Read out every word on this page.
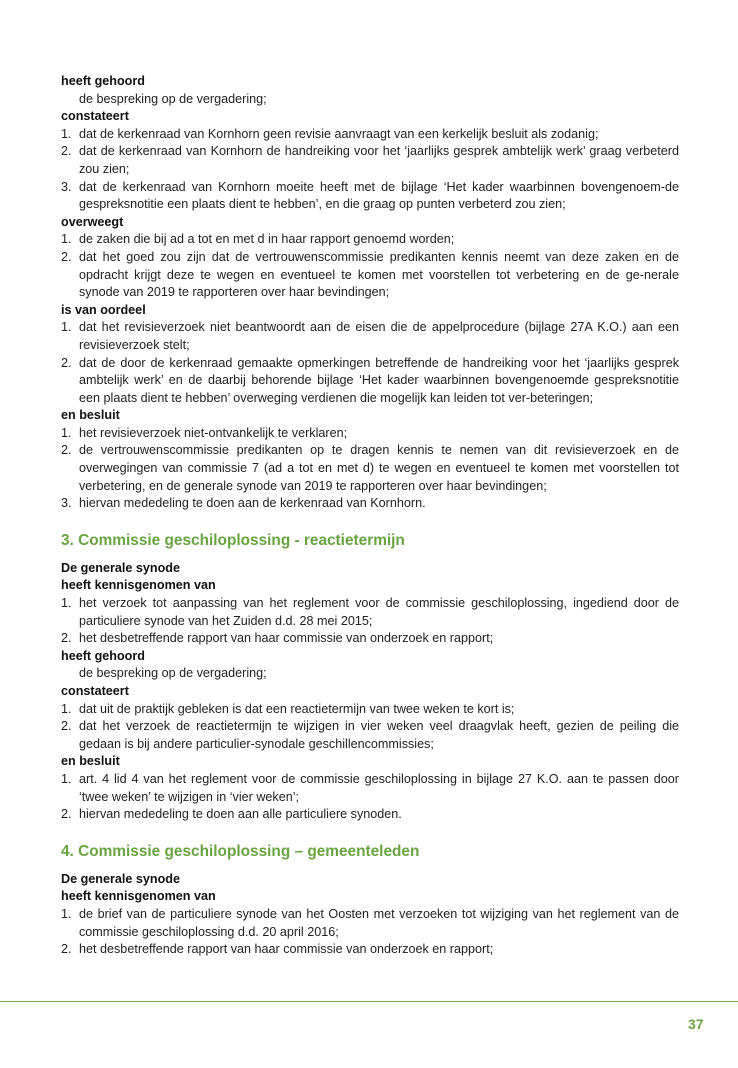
heeft gehoord
de bespreking op de vergadering;
constateert
1. dat de kerkenraad van Kornhorn geen revisie aanvraagt van een kerkelijk besluit als zodanig;
2. dat de kerkenraad van Kornhorn de handreiking voor het ‘jaarlijks gesprek ambtelijk werk’ graag verbeterd zou zien;
3. dat de kerkenraad van Kornhorn moeite heeft met de bijlage ‘Het kader waarbinnen bovengenoem-de gespreksnotitie een plaats dient te hebben’, en die graag op punten verbeterd zou zien;
overweegt
1. de zaken die bij ad a tot en met d in haar rapport genoemd worden;
2. dat het goed zou zijn dat de vertrouwenscommissie predikanten kennis neemt van deze zaken en de opdracht krijgt deze te wegen en eventueel te komen met voorstellen tot verbetering en de ge-nerale synode van 2019 te rapporteren over haar bevindingen;
is van oordeel
1. dat het revisieverzoek niet beantwoordt aan de eisen die de appelprocedure (bijlage 27A K.O.) aan een revisieverzoek stelt;
2. dat de door de kerkenraad gemaakte opmerkingen betreffende de handreiking voor het ‘jaarlijks gesprek ambtelijk werk’ en de daarbij behorende bijlage ‘Het kader waarbinnen bovengenoemde gespreksnotitie een plaats dient te hebben’ overweging verdienen die mogelijk kan leiden tot ver-beteringen;
en besluit
1. het revisieverzoek niet-ontvankelijk te verklaren;
2. de vertrouwenscommissie predikanten op te dragen kennis te nemen van dit revisieverzoek en de overwegingen van commissie 7 (ad a tot en met d) te wegen en eventueel te komen met voorstellen tot verbetering, en de generale synode van 2019 te rapporteren over haar bevindingen;
3. hiervan mededeling te doen aan de kerkenraad van Kornhorn.
3. Commissie geschiloplossing - reactietermijn
De generale synode
heeft kennisgenomen van
1. het verzoek tot aanpassing van het reglement voor de commissie geschiloplossing, ingediend door de particuliere synode van het Zuiden d.d. 28 mei 2015;
2. het desbetreffende rapport van haar commissie van onderzoek en rapport;
heeft gehoord
de bespreking op de vergadering;
constateert
1. dat uit de praktijk gebleken is dat een reactietermijn van twee weken te kort is;
2. dat het verzoek de reactietermijn te wijzigen in vier weken veel draagvlak heeft, gezien de peiling die gedaan is bij andere particulier-synodale geschillencommissies;
en besluit
1. art. 4 lid 4 van het reglement voor de commissie geschiloplossing in bijlage 27 K.O. aan te passen door ‘twee weken’ te wijzigen in ‘vier weken’;
2. hiervan mededeling te doen aan alle particuliere synoden.
4. Commissie geschiloplossing – gemeenteleden
De generale synode
heeft kennisgenomen van
1. de brief van de particuliere synode van het Oosten met verzoeken tot wijziging van het reglement van de commissie geschiloplossing d.d. 20 april 2016;
2. het desbetreffende rapport van haar commissie van onderzoek en rapport;
37
